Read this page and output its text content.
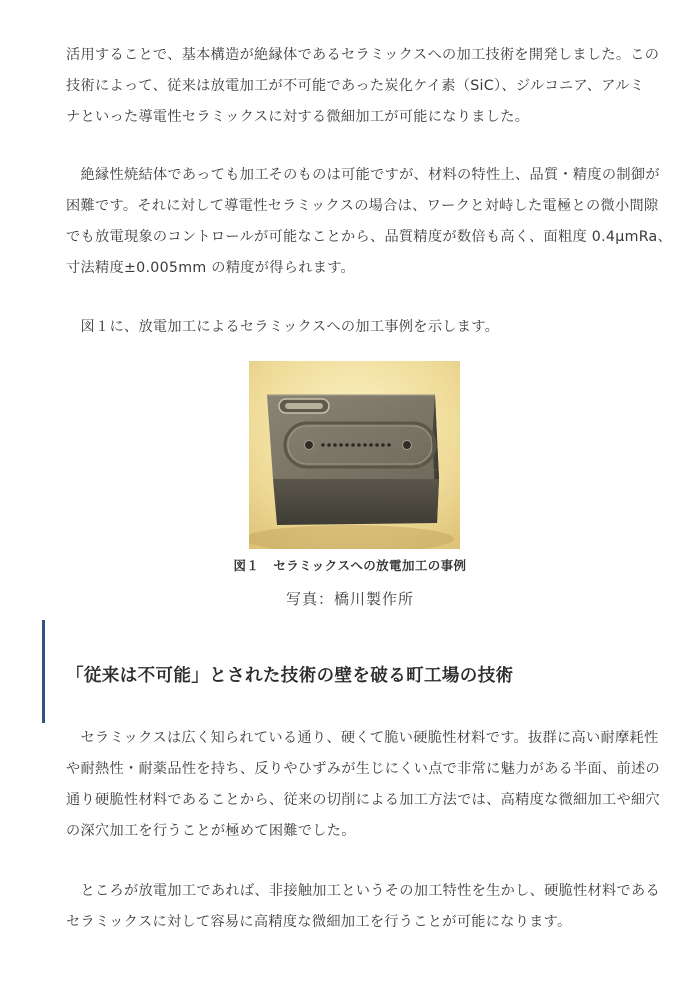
活用することで、基本構造が絶縁体であるセラミックスへの加工技術を開発しました。この
技術によって、従来は放電加工が不可能であった炭化ケイ素（SiC）、ジルコニア、アルミ
ナといった導電性セラミックスに対する微細加工が可能になりました。

　絶縁性焼結体であっても加工そのものは可能ですが、材料の特性上、品質・精度の制御が
困難です。それに対して導電性セラミックスの場合は、ワークと対峙した電極との微小間隙
でも放電現象のコントロールが可能なことから、品質精度が数倍も高く、面粗度 0.4μmRa、
寸法精度±0.005mm の精度が得られます。

　図１に、放電加工によるセラミックスへの加工事例を示します。

図１ セラミックスへの放電加工の事例
写真：橋川製作所
「従来は不可能」とされた技術の壁を破る町工場の技術

　セラミックスは広く知られている通り、硬くて脆い硬脆性材料です。抜群に高い耐摩耗性
や耐熱性・耐薬品性を持ち、反りやひずみが生じにくい点で非常に魅力がある半面、前述の
通り硬脆性材料であることから、従来の切削による加工方法では、高精度な微細加工や細穴
の深穴加工を行うことが極めて困難でした。

　ところが放電加工であれば、非接触加工というその加工特性を生かし、硬脆性材料である
セラミックスに対して容易に高精度な微細加工を行うことが可能になります。
